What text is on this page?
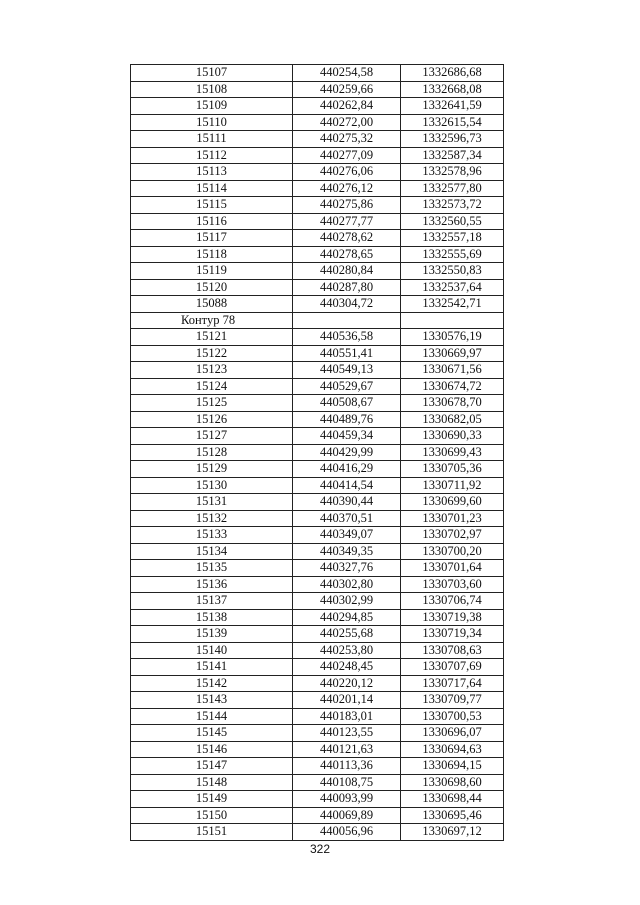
15107	440254,58	1332686,68
15108	440259,66	1332668,08
15109	440262,84	1332641,59
15110	440272,00	1332615,54
15111	440275,32	1332596,73
15112	440277,09	1332587,34
15113	440276,06	1332578,96
15114	440276,12	1332577,80
15115	440275,86	1332573,72
15116	440277,77	1332560,55
15117	440278,62	1332557,18
15118	440278,65	1332555,69
15119	440280,84	1332550,83
15120	440287,80	1332537,64
15088	440304,72	1332542,71
Контур 78		
15121	440536,58	1330576,19
15122	440551,41	1330669,97
15123	440549,13	1330671,56
15124	440529,67	1330674,72
15125	440508,67	1330678,70
15126	440489,76	1330682,05
15127	440459,34	1330690,33
15128	440429,99	1330699,43
15129	440416,29	1330705,36
15130	440414,54	1330711,92
15131	440390,44	1330699,60
15132	440370,51	1330701,23
15133	440349,07	1330702,97
15134	440349,35	1330700,20
15135	440327,76	1330701,64
15136	440302,80	1330703,60
15137	440302,99	1330706,74
15138	440294,85	1330719,38
15139	440255,68	1330719,34
15140	440253,80	1330708,63
15141	440248,45	1330707,69
15142	440220,12	1330717,64
15143	440201,14	1330709,77
15144	440183,01	1330700,53
15145	440123,55	1330696,07
15146	440121,63	1330694,63
15147	440113,36	1330694,15
15148	440108,75	1330698,60
15149	440093,99	1330698,44
15150	440069,89	1330695,46
15151	440056,96	1330697,12
322
